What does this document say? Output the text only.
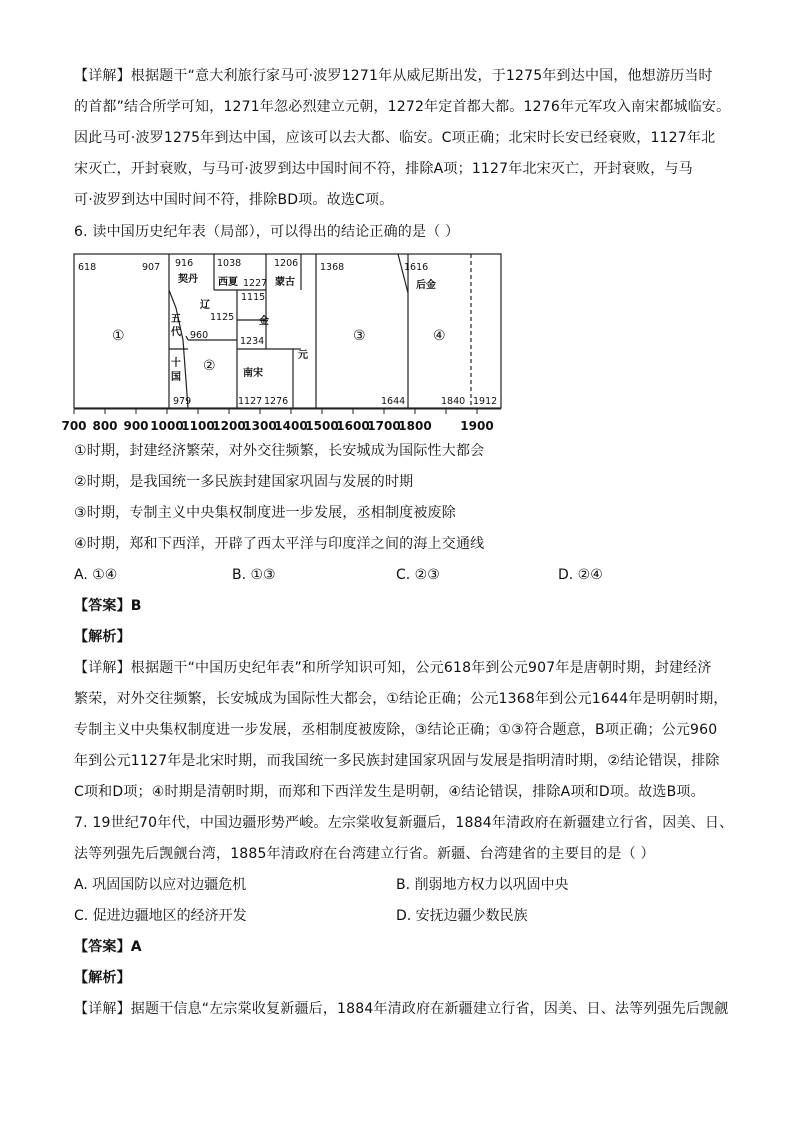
【详解】根据题干“意大利旅行家马可·波罗1271年从威尼斯出发，于1275年到达中国，他想游历当时
的首都”结合所学可知，1271年忽必烈建立元朝，1272年定首都大都。1276年元军攻入南宋都城临安。
因此马可·波罗1275年到达中国，应该可以去大都、临安。C项正确；北宋时长安已经衰败，1127年北
宋灭亡，开封衰败，与马可·波罗到达中国时间不符，排除A项；1127年北宋灭亡，开封衰败，与马
可·波罗到达中国时间不符，排除BD项。故选C项。
6. 读中国历史纪年表（局部），可以得出的结论正确的是（ ）
618	907 916	1038	1206
1227
1115
1125
960
1234
979	1127 1276
1368	1616
1644	1840 1912
契丹 西夏	蒙古
辽
金
南宋
元
后金
五
代
十
国
①
②
③	④
700 800 900 1000
1100
1200
1300
1400
1500
1600
1700
1800 1900
①时期，封建经济繁荣，对外交往频繁，长安城成为国际性大都会
②时期，是我国统一多民族封建国家巩固与发展的时期
③时期，专制主义中央集权制度进一步发展，丞相制度被废除
④时期，郑和下西洋，开辟了西太平洋与印度洋之间的海上交通线
A. ①④	B. ①③	C. ②③	D. ②④
【答案】B
【解析】
【详解】根据题干“中国历史纪年表”和所学知识可知，公元618年到公元907年是唐朝时期，封建经济
繁荣，对外交往频繁，长安城成为国际性大都会，①结论正确；公元1368年到公元1644年是明朝时期，
专制主义中央集权制度进一步发展，丞相制度被废除，③结论正确；①③符合题意，B项正确；公元960
年到公元1127年是北宋时期，而我国统一多民族封建国家巩固与发展是指明清时期，②结论错误，排除
C项和D项；④时期是清朝时期，而郑和下西洋发生是明朝，④结论错误，排除A项和D项。故选B项。
7. 19世纪70年代，中国边疆形势严峻。左宗棠收复新疆后，1884年清政府在新疆建立行省，因美、日、
法等列强先后觊觎台湾，1885年清政府在台湾建立行省。新疆、台湾建省的主要目的是（ ）
A. 巩固国防以应对边疆危机	B. 削弱地方权力以巩固中央
C. 促进边疆地区的经济开发	D. 安抚边疆少数民族
【答案】A
【解析】
【详解】据题干信息“左宗棠收复新疆后，1884年清政府在新疆建立行省，因美、日、法等列强先后觊觎
